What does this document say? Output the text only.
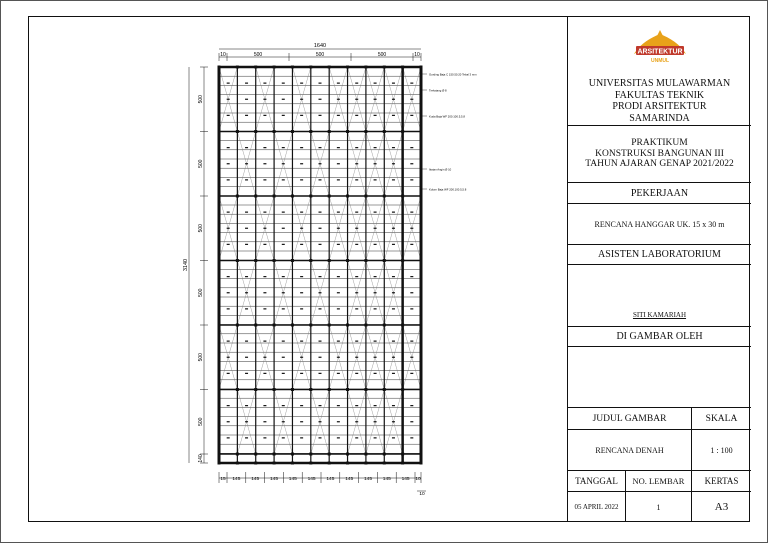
1640
10	500	500	500	10
3140
500
500
500
500
500
500
140
15 145 145 145 145 145 145 145 145 145 145 10
10
Gording Baja C 150.50.20 Tebal 3 mm
Trekstang Ø 8
Kuda Baja WF 200.100.5,5.8
Ikatan Angin Ø 10
Kolom Baja WF 200.100.5,5.8
ARSITEKTUR
UNMUL
UNIVERSITAS MULAWARMAN
FAKULTAS TEKNIK
PRODI ARSITEKTUR
SAMARINDA
PRAKTIKUM
KONSTRUKSI BANGUNAN III
TAHUN AJARAN GENAP 2021/2022
PEKERJAAN
RENCANA HANGGAR UK. 15 x 30 m
ASISTEN LABORATORIUM
SITI KAMARIAH
DI GAMBAR OLEH
JUDUL GAMBAR	SKALA
RENCANA DENAH	1 : 100
TANGGAL	NO. LEMBAR	KERTAS
05 APRIL 2022	1	A3
